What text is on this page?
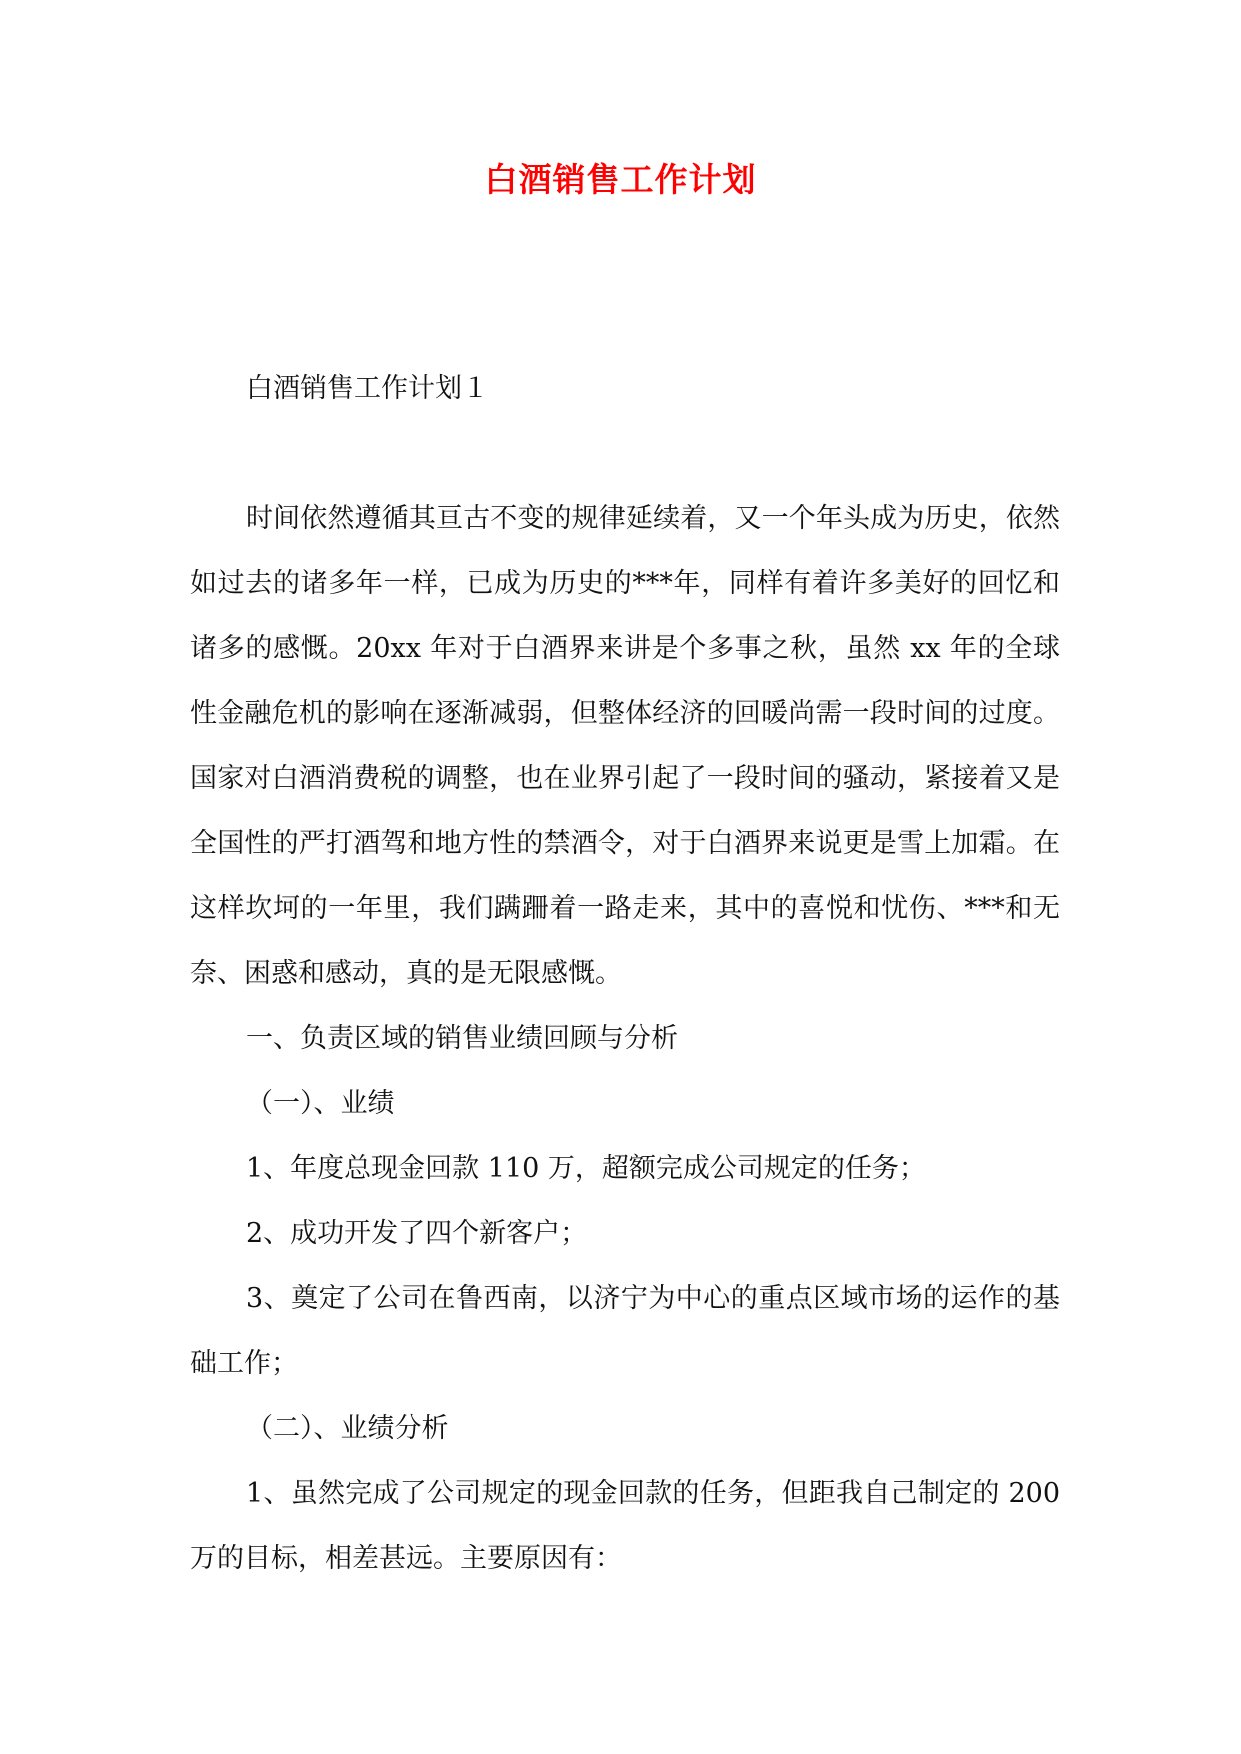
白酒销售工作计划

白酒销售工作计划１

时间依然遵循其亘古不变的规律延续着，又一个年头成为历史，依然如过去的诸多年一样，已成为历史的***年，同样有着许多美好的回忆和诸多的感慨。20xx 年对于白酒界来讲是个多事之秋，虽然 xx 年的全球性金融危机的影响在逐渐减弱，但整体经济的回暖尚需一段时间的过度。国家对白酒消费税的调整，也在业界引起了一段时间的骚动，紧接着又是全国性的严打酒驾和地方性的禁酒令，对于白酒界来说更是雪上加霜。在这样坎坷的一年里，我们蹒跚着一路走来，其中的喜悦和忧伤、***和无奈、困惑和感动，真的是无限感慨。

一、负责区域的销售业绩回顾与分析

（一）、业绩

1、年度总现金回款 110 万，超额完成公司规定的任务；

2、成功开发了四个新客户；

3、奠定了公司在鲁西南，以济宁为中心的重点区域市场的运作的基础工作；

（二）、业绩分析

1、虽然完成了公司规定的现金回款的任务，但距我自己制定的 200 万的目标，相差甚远。主要原因有：
